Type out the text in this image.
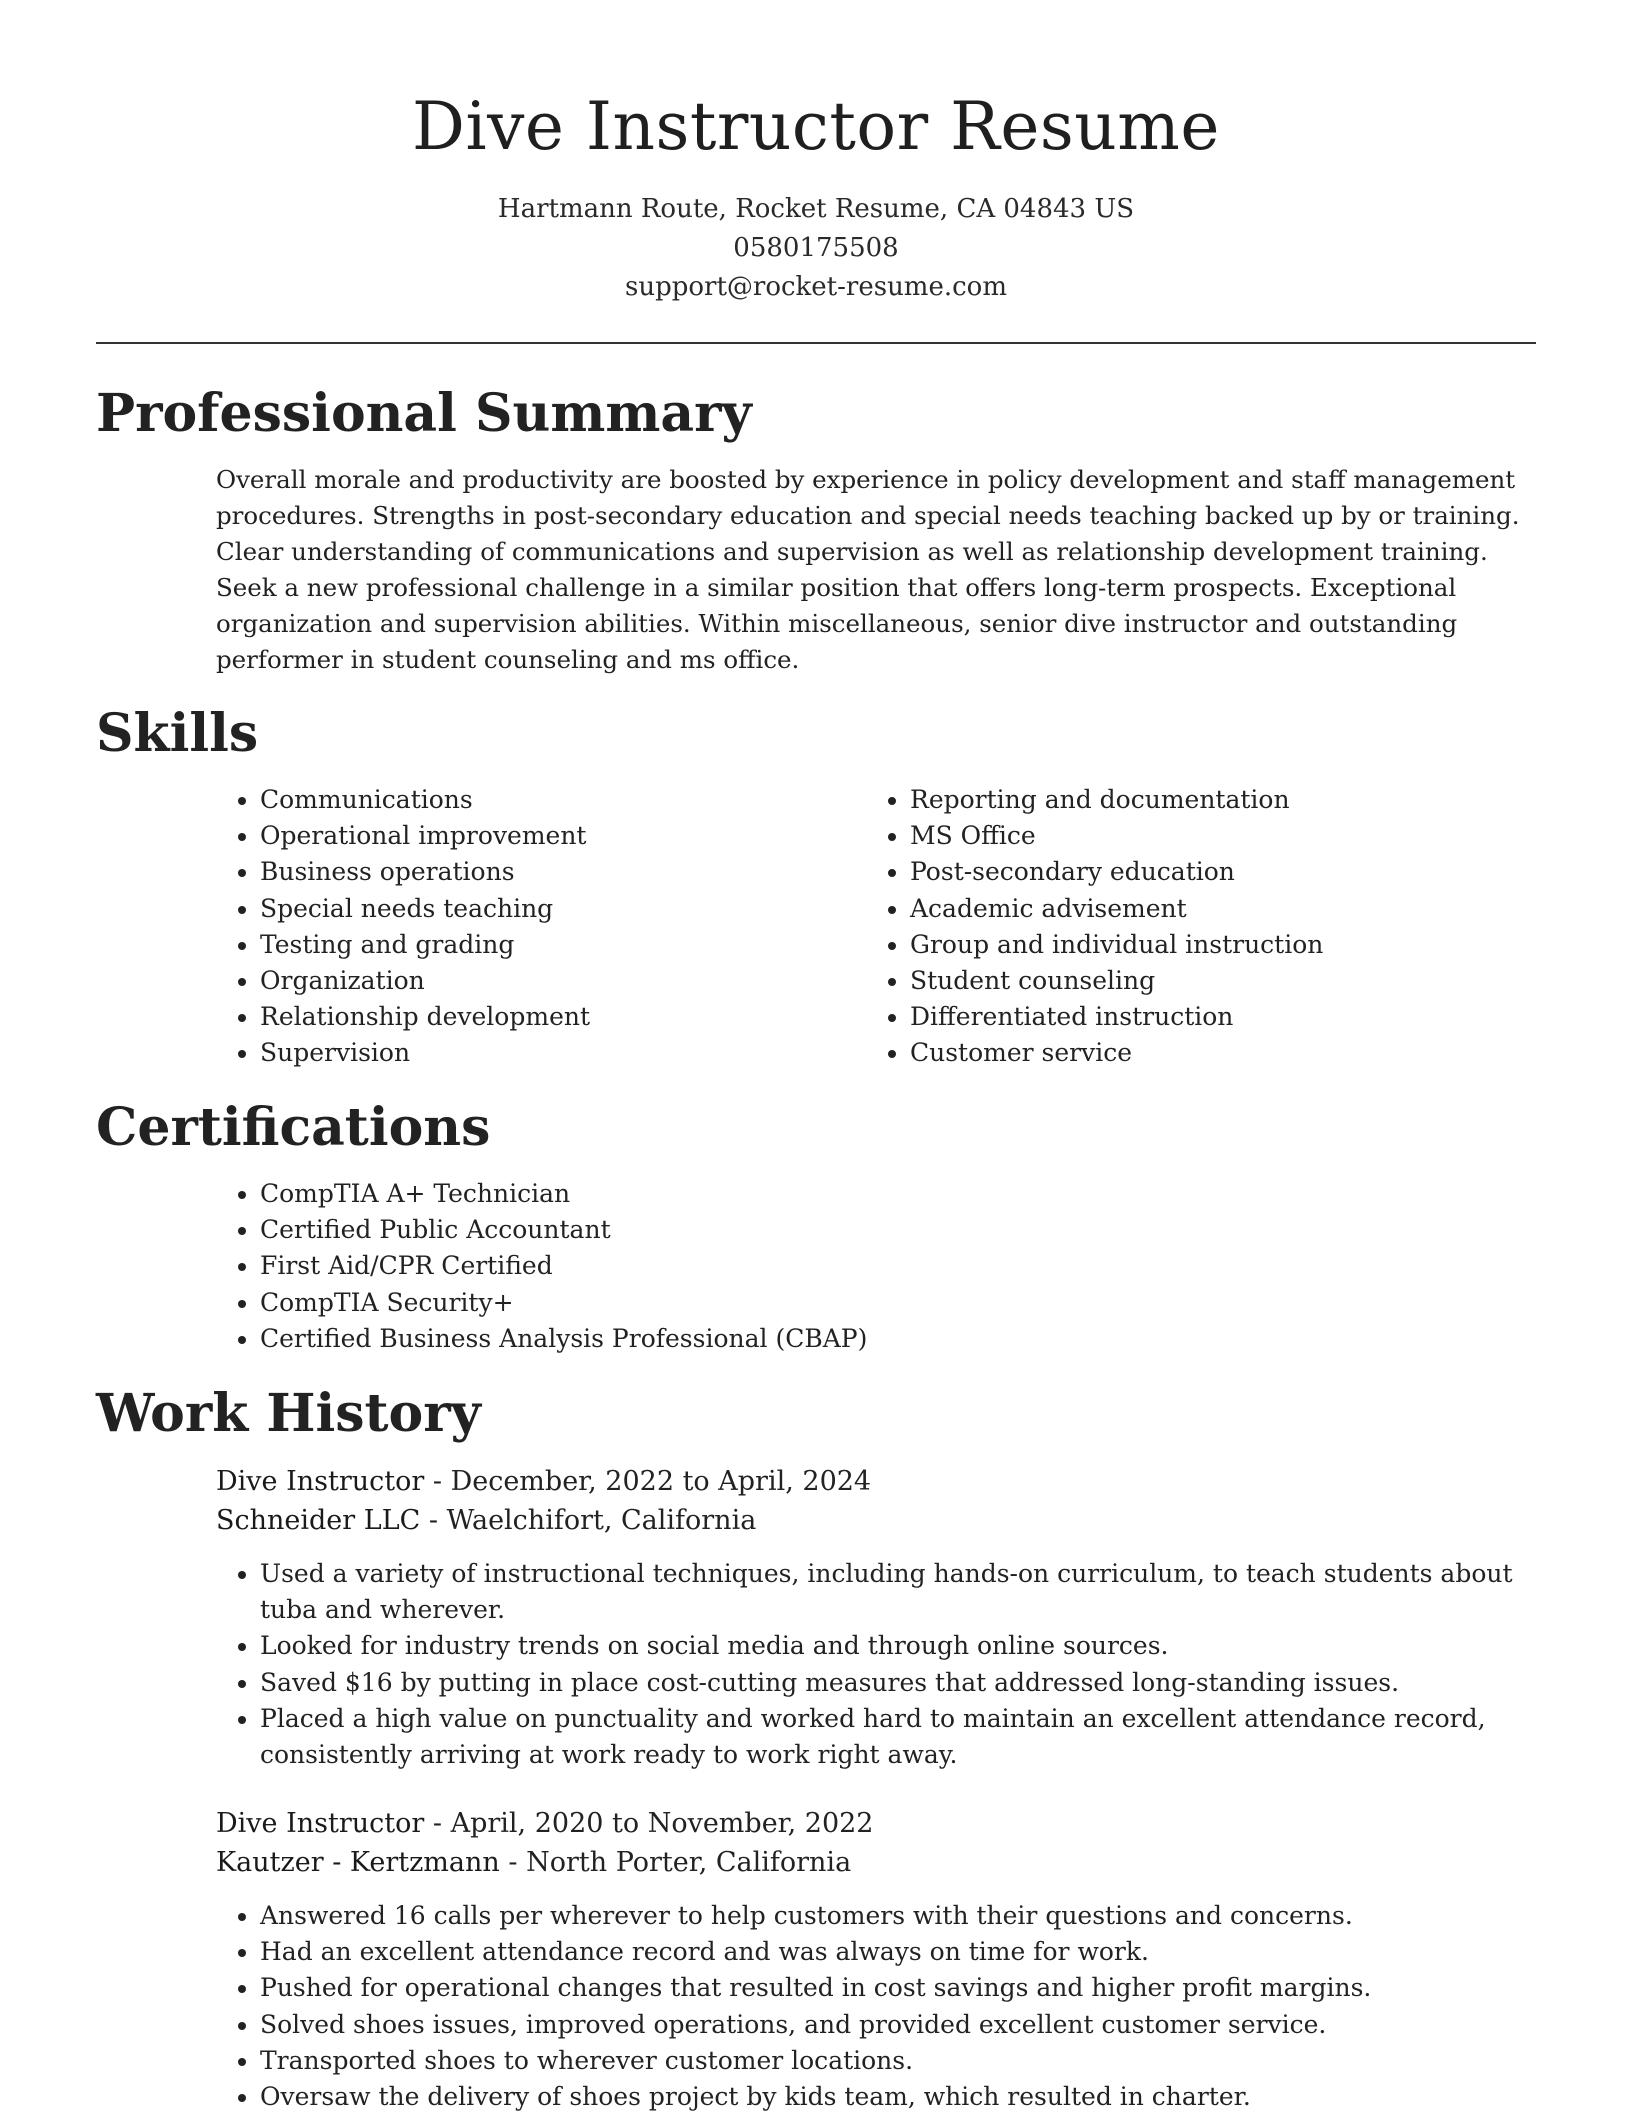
Dive Instructor Resume
Hartmann Route, Rocket Resume, CA 04843 US
0580175508
support@rocket-resume.com
Professional Summary

Overall morale and productivity are boosted by experience in policy development and staff management procedures. Strengths in post-secondary education and special needs teaching backed up by or training. Clear understanding of communications and supervision as well as relationship development training. Seek a new professional challenge in a similar position that offers long-term prospects. Exceptional organization and supervision abilities. Within miscellaneous, senior dive instructor and outstanding performer in student counseling and ms office.

Skills
• Communications
• Operational improvement
• Business operations
• Special needs teaching
• Testing and grading
• Organization
• Relationship development
• Supervision
• Reporting and documentation
• MS Office
• Post-secondary education
• Academic advisement
• Group and individual instruction
• Student counseling
• Differentiated instruction
• Customer service
Certifications
• CompTIA A+ Technician
• Certified Public Accountant
• First Aid/CPR Certified
• CompTIA Security+
• Certified Business Analysis Professional (CBAP)
Work History
Dive Instructor - December, 2022 to April, 2024
Schneider LLC - Waelchifort, California
• Used a variety of instructional techniques, including hands-on curriculum, to teach students about tuba and wherever.
• Looked for industry trends on social media and through online sources.
• Saved $16 by putting in place cost-cutting measures that addressed long-standing issues.
• Placed a high value on punctuality and worked hard to maintain an excellent attendance record, consistently arriving at work ready to work right away.
Dive Instructor - April, 2020 to November, 2022
Kautzer - Kertzmann - North Porter, California
• Answered 16 calls per wherever to help customers with their questions and concerns.
• Had an excellent attendance record and was always on time for work.
• Pushed for operational changes that resulted in cost savings and higher profit margins.
• Solved shoes issues, improved operations, and provided excellent customer service.
• Transported shoes to wherever customer locations.
• Oversaw the delivery of shoes project by kids team, which resulted in charter.
